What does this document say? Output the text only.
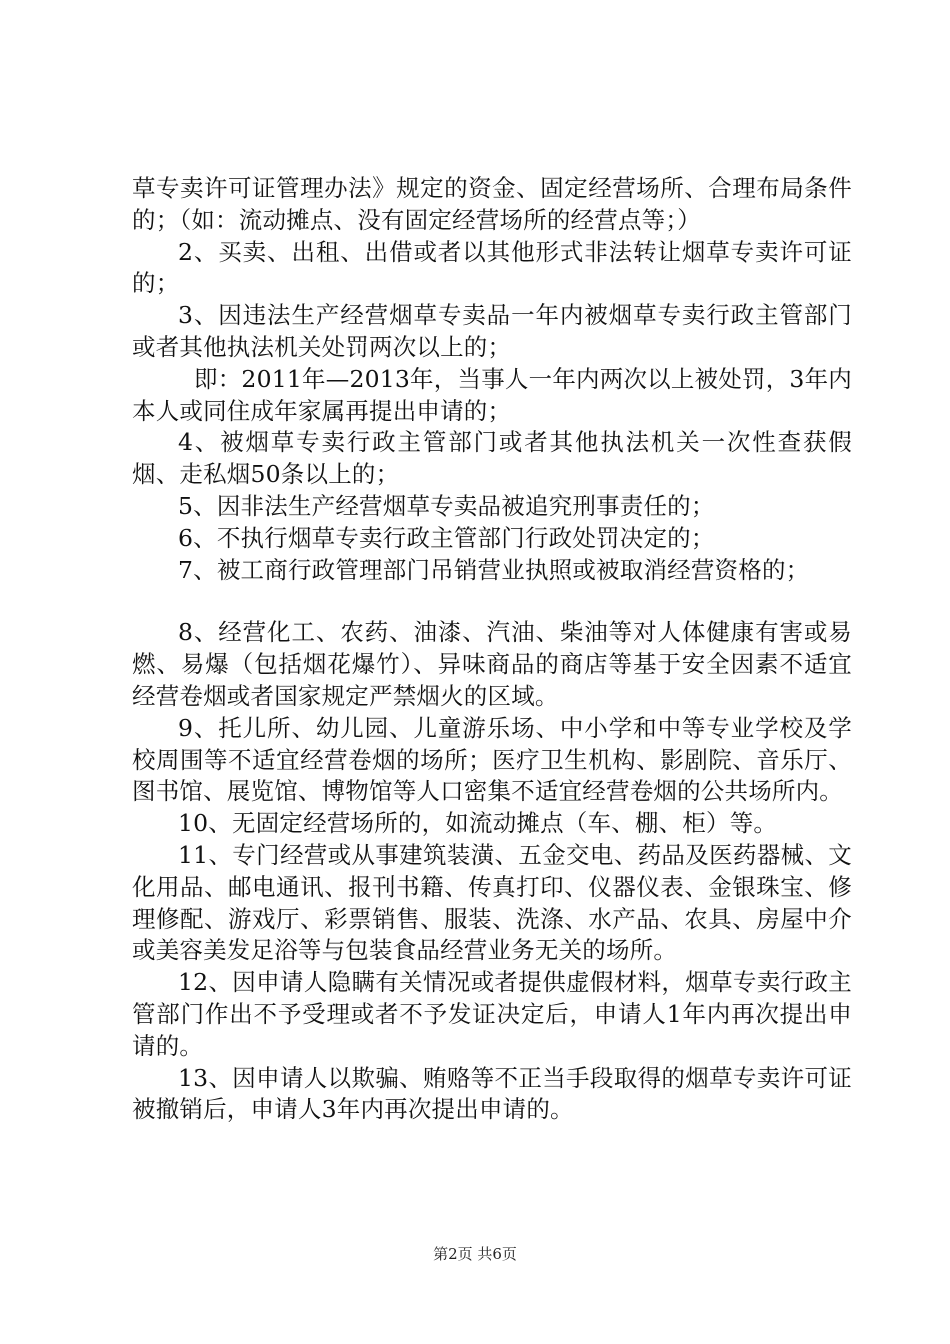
草专卖许可证管理办法》规定的资金、固定经营场所、合理布局条件的；（如：流动摊点、没有固定经营场所的经营点等；）

2、买卖、出租、出借或者以其他形式非法转让烟草专卖许可证的；

3、因违法生产经营烟草专卖品一年内被烟草专卖行政主管部门或者其他执法机关处罚两次以上的；

即：2011年—2013年，当事人一年内两次以上被处罚，3年内本人或同住成年家属再提出申请的；

4、被烟草专卖行政主管部门或者其他执法机关一次性查获假烟、走私烟50条以上的；

5、因非法生产经营烟草专卖品被追究刑事责任的；

6、不执行烟草专卖行政主管部门行政处罚决定的；

7、被工商行政管理部门吊销营业执照或被取消经营资格的；

8、经营化工、农药、油漆、汽油、柴油等对人体健康有害或易燃、易爆（包括烟花爆竹）、异味商品的商店等基于安全因素不适宜经营卷烟或者国家规定严禁烟火的区域。

9、托儿所、幼儿园、儿童游乐场、中小学和中等专业学校及学校周围等不适宜经营卷烟的场所；医疗卫生机构、影剧院、音乐厅、图书馆、展览馆、博物馆等人口密集不适宜经营卷烟的公共场所内。

10、无固定经营场所的，如流动摊点（车、棚、柜）等。

11、专门经营或从事建筑装潢、五金交电、药品及医药器械、文化用品、邮电通讯、报刊书籍、传真打印、仪器仪表、金银珠宝、修理修配、游戏厅、彩票销售、服装、洗涤、水产品、农具、房屋中介或美容美发足浴等与包装食品经营业务无关的场所。

12、因申请人隐瞒有关情况或者提供虚假材料，烟草专卖行政主管部门作出不予受理或者不予发证决定后，申请人1年内再次提出申请的。

13、因申请人以欺骗、贿赂等不正当手段取得的烟草专卖许可证被撤销后，申请人3年内再次提出申请的。

第2页 共6页
